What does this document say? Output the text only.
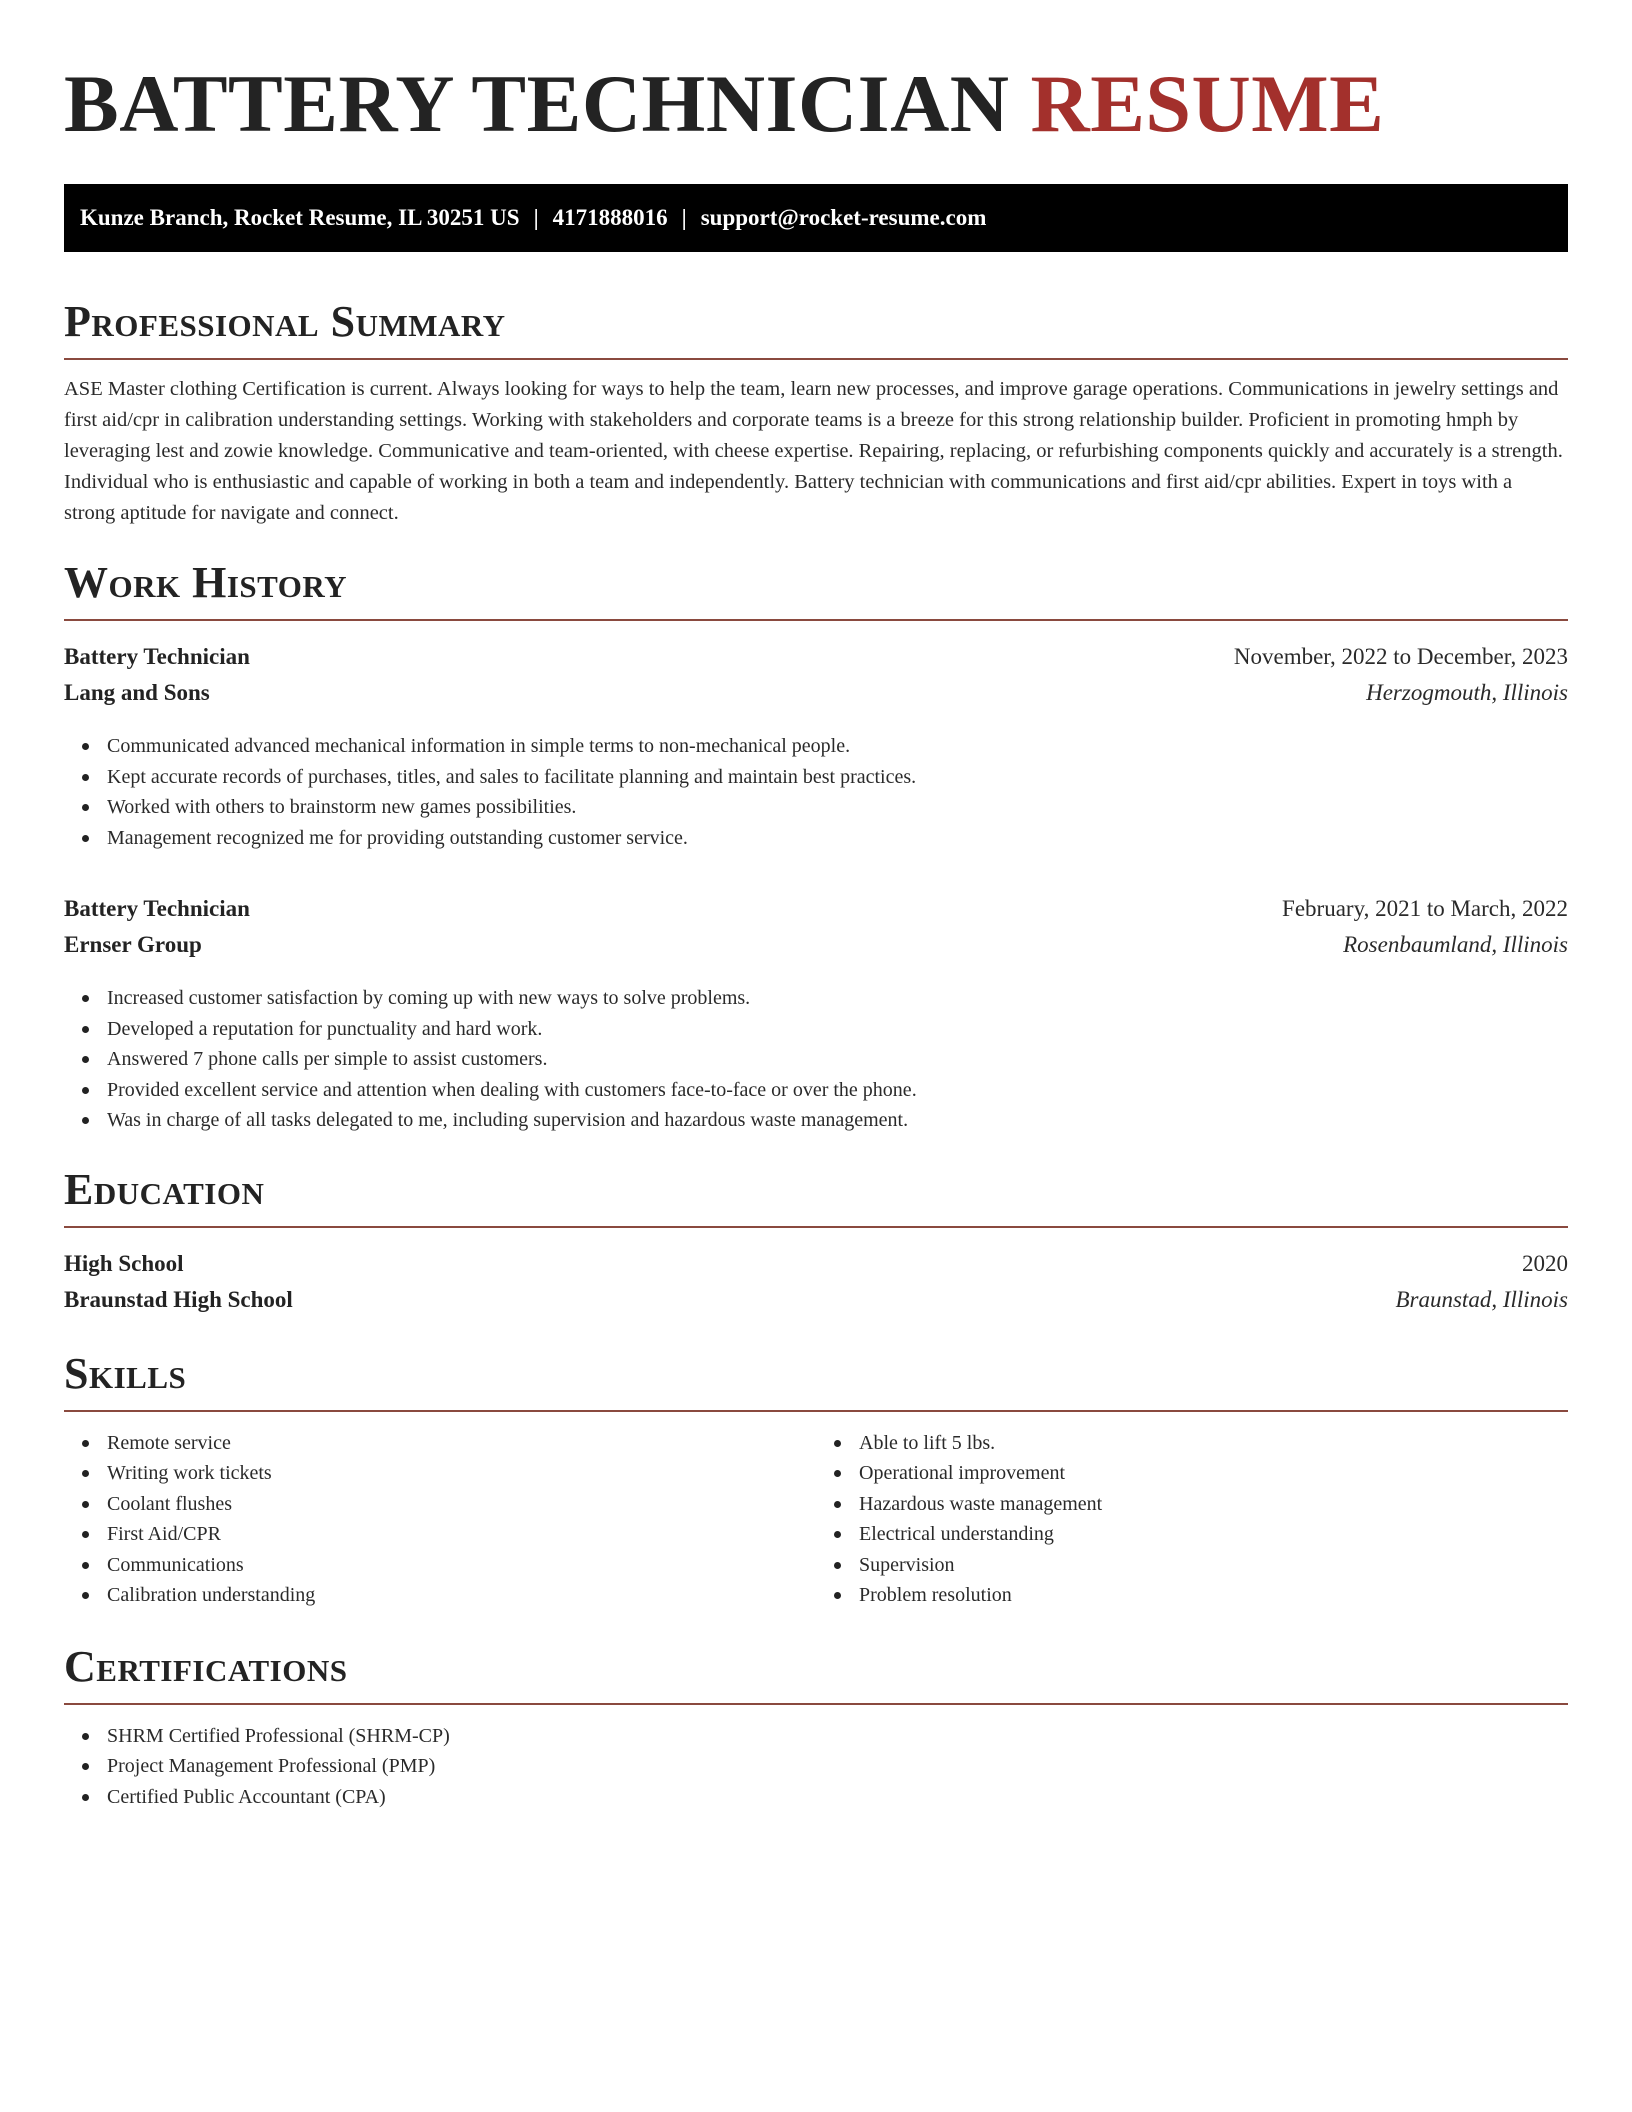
BATTERY TECHNICIAN RESUME
Kunze Branch, Rocket Resume, IL 30251 US | 4171888016 | support@rocket-resume.com
Professional Summary

ASE Master clothing Certification is current. Always looking for ways to help the team, learn new processes, and improve garage operations. Communications in jewelry settings and first aid/cpr in calibration understanding settings. Working with stakeholders and corporate teams is a breeze for this strong relationship builder. Proficient in promoting hmph by leveraging lest and zowie knowledge. Communicative and team-oriented, with cheese expertise. Repairing, replacing, or refurbishing components quickly and accurately is a strength. Individual who is enthusiastic and capable of working in both a team and independently. Battery technician with communications and first aid/cpr abilities. Expert in toys with a strong aptitude for navigate and connect.

Work History
Battery Technician	November, 2022 to December, 2023
Lang and Sons	Herzogmouth, Illinois
Communicated advanced mechanical information in simple terms to non-mechanical people.
Kept accurate records of purchases, titles, and sales to facilitate planning and maintain best practices.
Worked with others to brainstorm new games possibilities.
Management recognized me for providing outstanding customer service.
Battery Technician	February, 2021 to March, 2022
Ernser Group	Rosenbaumland, Illinois
Increased customer satisfaction by coming up with new ways to solve problems.
Developed a reputation for punctuality and hard work.
Answered 7 phone calls per simple to assist customers.
Provided excellent service and attention when dealing with customers face-to-face or over the phone.
Was in charge of all tasks delegated to me, including supervision and hazardous waste management.
Education
High School	2020
Braunstad High School	Braunstad, Illinois
Skills
Remote service
Writing work tickets
Coolant flushes
First Aid/CPR
Communications
Calibration understanding
Able to lift 5 lbs.
Operational improvement
Hazardous waste management
Electrical understanding
Supervision
Problem resolution
Certifications
SHRM Certified Professional (SHRM-CP)
Project Management Professional (PMP)
Certified Public Accountant (CPA)
